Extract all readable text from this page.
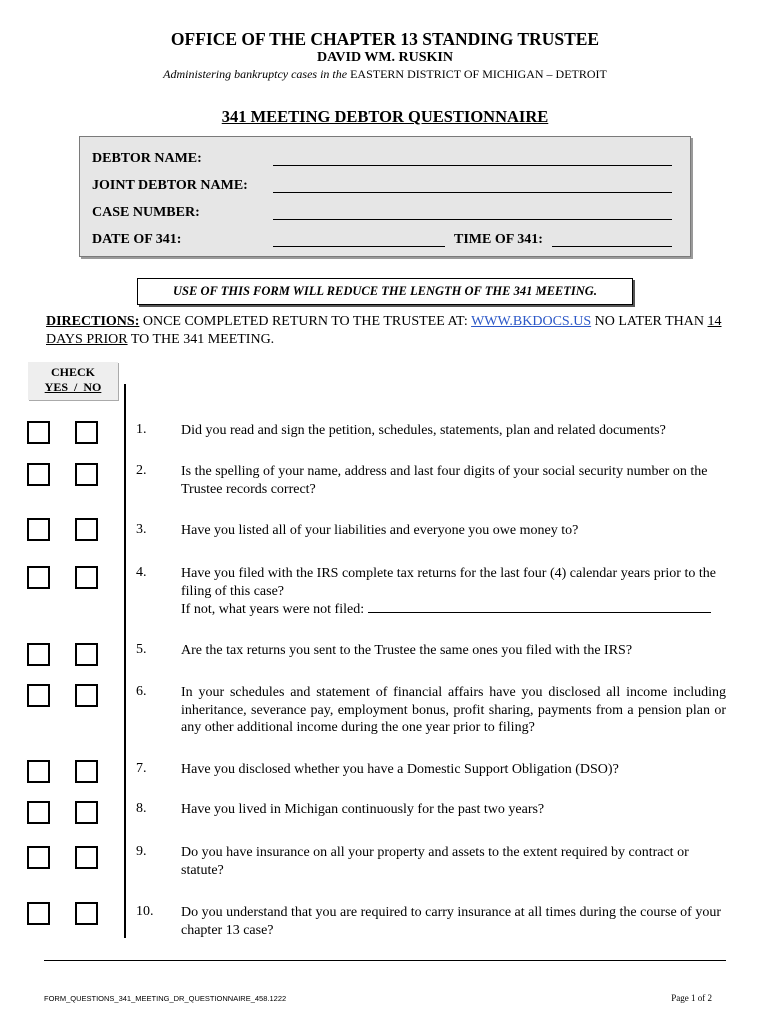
OFFICE OF THE CHAPTER 13 STANDING TRUSTEE
DAVID WM. RUSKIN
Administering bankruptcy cases in the EASTERN DISTRICT OF MICHIGAN – DETROIT
341 MEETING DEBTOR QUESTIONNAIRE
DEBTOR NAME:
JOINT DEBTOR NAME:
CASE NUMBER:
DATE OF 341:	TIME OF 341:
USE OF THIS FORM WILL REDUCE THE LENGTH OF THE 341 MEETING.
DIRECTIONS: ONCE COMPLETED RETURN TO THE TRUSTEE AT: WWW.BKDOCS.US NO LATER THAN 14 DAYS PRIOR TO THE 341 MEETING.
CHECK
YES  /  NO
1. Did you read and sign the petition, schedules, statements, plan and related documents?
2. Is the spelling of your name, address and last four digits of your social security number on the Trustee records correct?
3. Have you listed all of your liabilities and everyone you owe money to?
4. Have you filed with the IRS complete tax returns for the last four (4) calendar years prior to the filing of this case?
If not, what years were not filed:
5. Are the tax returns you sent to the Trustee the same ones you filed with the IRS?
6. In your schedules and statement of financial affairs have you disclosed all income including inheritance, severance pay, employment bonus, profit sharing, payments from a pension plan or any other additional income during the one year prior to filing?
7. Have you disclosed whether you have a Domestic Support Obligation (DSO)?
8. Have you lived in Michigan continuously for the past two years?
9. Do you have insurance on all your property and assets to the extent required by contract or statute?
10. Do you understand that you are required to carry insurance at all times during the course of your chapter 13 case?
FORM_QUESTIONS_341_MEETING_DR_QUESTIONNAIRE_458.1222	Page 1 of 2
